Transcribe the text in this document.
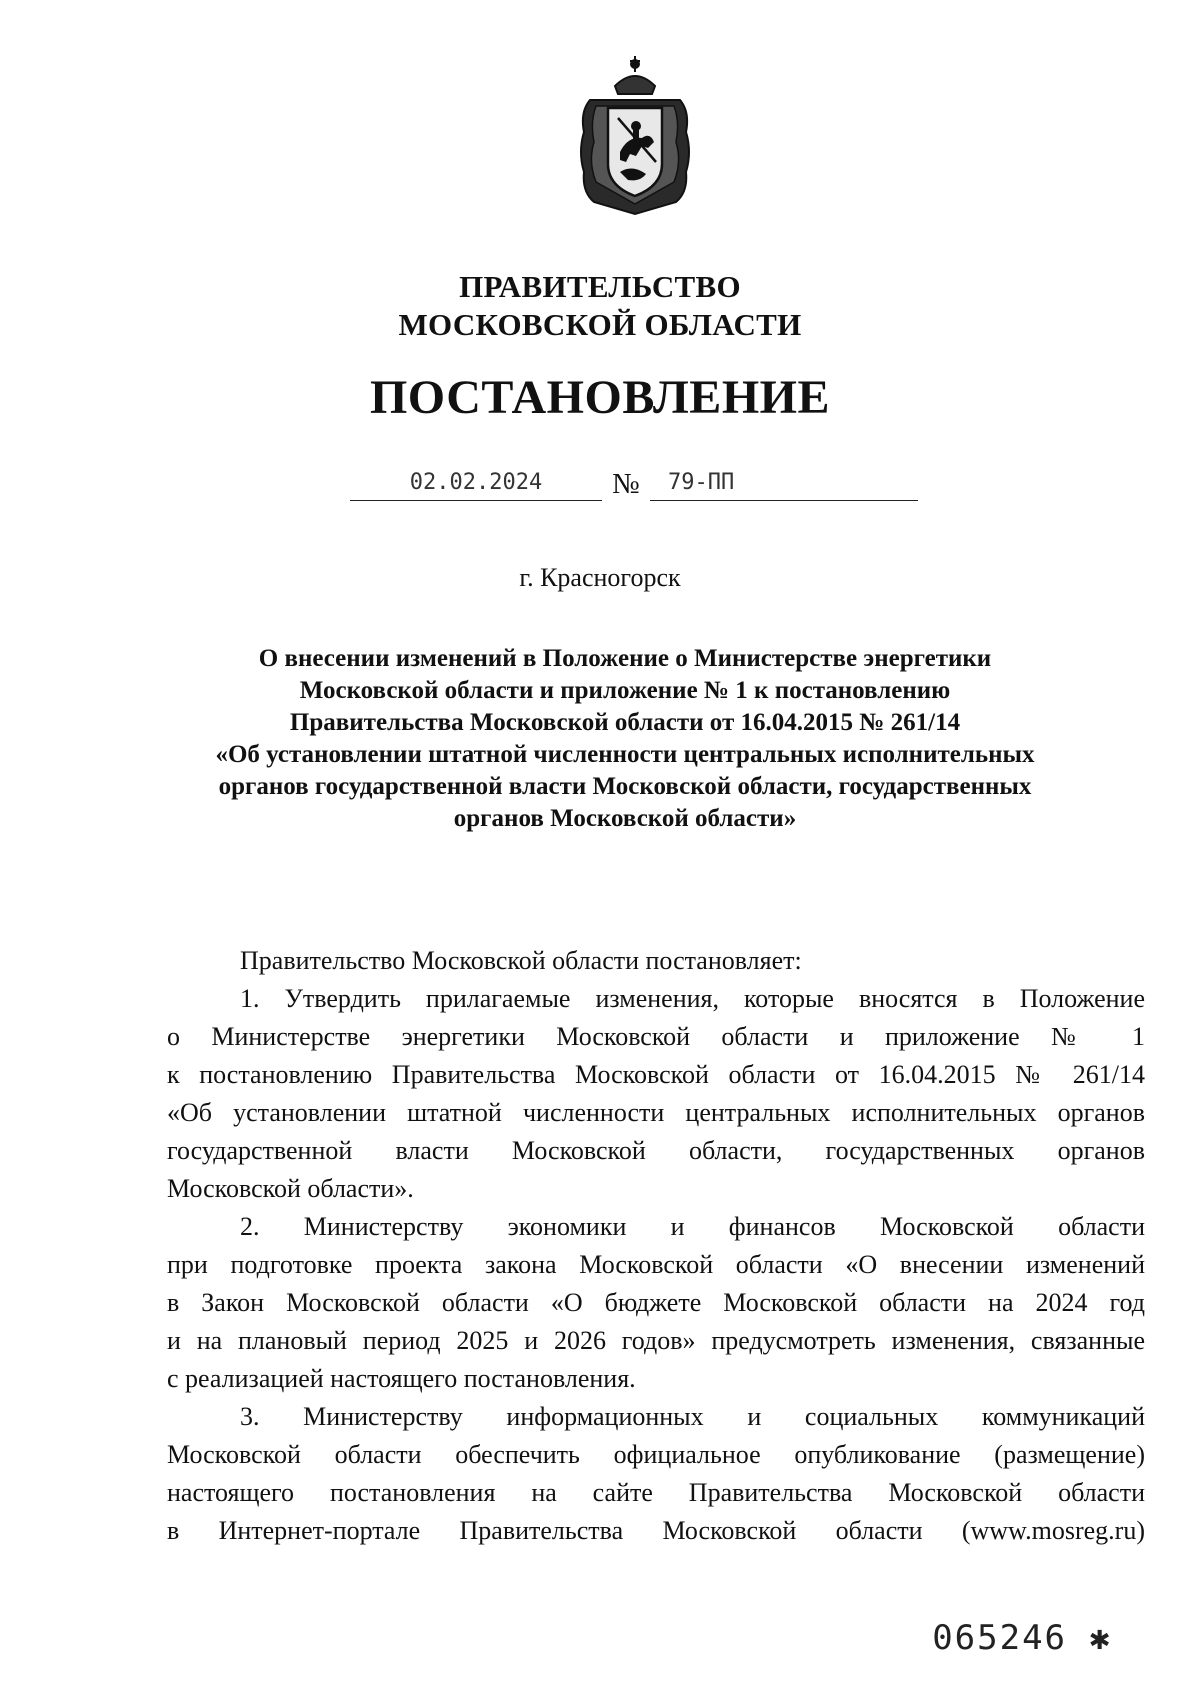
ПРАВИТЕЛЬСТВО
МОСКОВСКОЙ ОБЛАСТИ
ПОСТАНОВЛЕНИЕ
02.02.2024	№ 79-ПП
г. Красногорск
О внесении изменений в Положение о Министерстве энергетики
Московской области и приложение № 1 к постановлению
Правительства Московской области от 16.04.2015 № 261/14
«Об установлении штатной численности центральных исполнительных
органов государственной власти Московской области, государственных
органов Московской области»
Правительство Московской области постановляет:
1. Утвердить прилагаемые изменения, которые вносятся в Положение
о Министерстве энергетики Московской области и приложение № 1
к постановлению Правительства Московской области от 16.04.2015 № 261/14
«Об установлении штатной численности центральных исполнительных органов
государственной власти Московской области, государственных органов
Московской области».
2. Министерству экономики и финансов Московской области
при подготовке проекта закона Московской области «О внесении изменений
в Закон Московской области «О бюджете Московской области на 2024 год
и на плановый период 2025 и 2026 годов» предусмотреть изменения, связанные
с реализацией настоящего постановления.
3. Министерству информационных и социальных коммуникаций
Московской области обеспечить официальное опубликование (размещение)
настоящего постановления на сайте Правительства Московской области
в Интернет-портале Правительства Московской области (www.mosreg.ru)
065246 ✱
